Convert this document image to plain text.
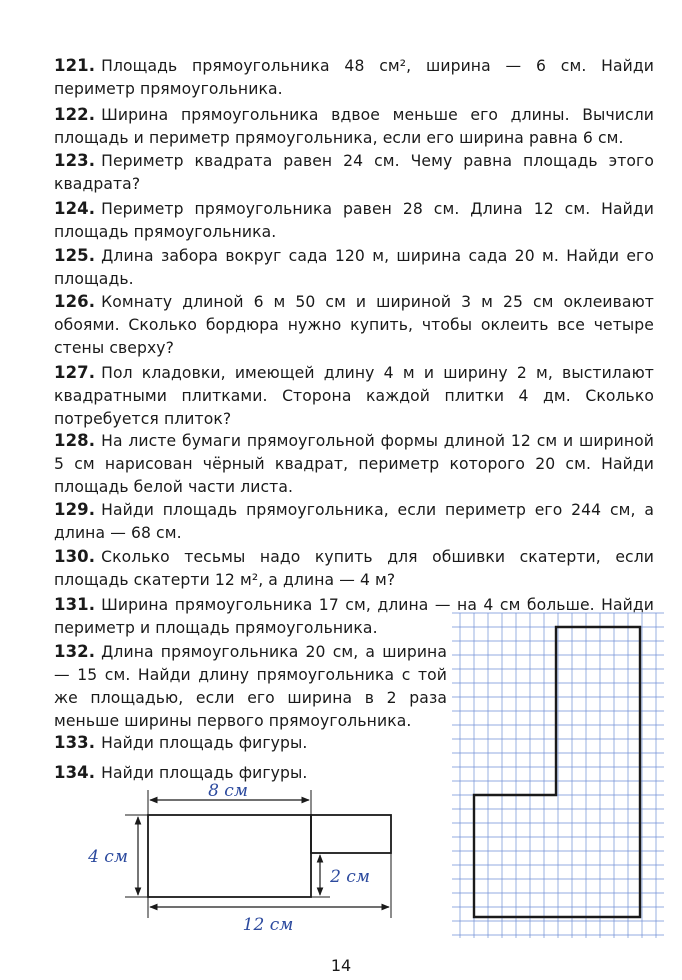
121. Площадь прямоугольника 48 см², ширина — 6 см. Найди периметр прямоугольника.
122. Ширина прямоугольника вдвое меньше его длины. Вычисли площадь и периметр прямоугольника, если его ширина равна 6 см.
123. Периметр квадрата равен 24 см. Чему равна площадь этого квадрата?
124. Периметр прямоугольника равен 28 см. Длина 12 см. Найди площадь прямоугольника.
125. Длина забора вокруг сада 120 м, ширина сада 20 м. Найди его площадь.
126. Комнату длиной 6 м 50 см и шириной 3 м 25 см оклеивают обоями. Сколько бордюра нужно купить, чтобы оклеить все четыре стены сверху?
127. Пол кладовки, имеющей длину 4 м и ширину 2 м, выстилают квадратными плитками. Сторона каждой плитки 4 дм. Сколько потребуется плиток?
128. На листе бумаги прямоугольной формы длиной 12 см и шириной 5 см нарисован чёрный квадрат, периметр которого 20 см. Найди площадь белой части листа.
129. Найди площадь прямоугольника, если периметр его 244 см, а длина — 68 см.
130. Сколько тесьмы надо купить для обшивки скатерти, если площадь скатерти 12 м², а длина — 4 м?
131. Ширина прямоугольника 17 см, длина — на 4 см больше. Найди периметр и площадь прямоугольника.
132. Длина прямоугольника 20 см, а ширина — 15 см. Найди длину прямоугольника с той же площадью, если его ширина в 2 раза меньше ширины первого прямоугольника.
133. Найди площадь фигуры.
134. Найди площадь фигуры.
8 см
4 см
2 см
12 см
14
